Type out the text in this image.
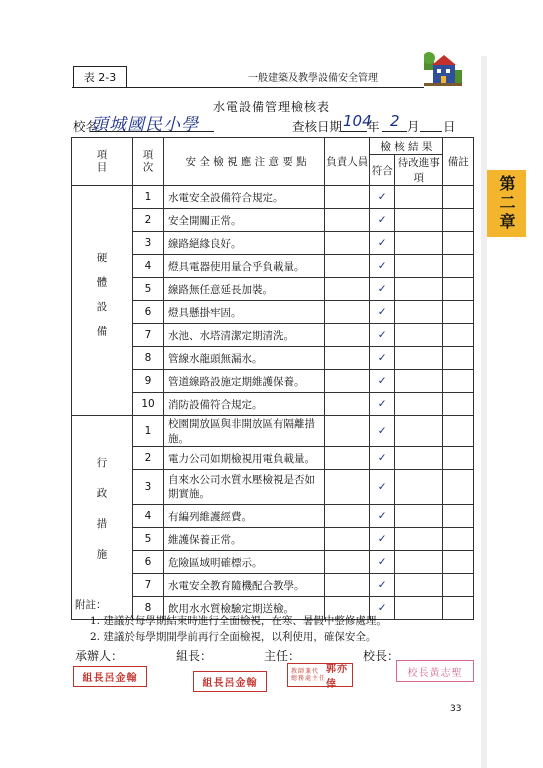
表 2-3	一般建築及教學設備安全管理
第二章
水電設備管理檢核表
校名
頭城國民小學	查核日期 104
年 2 月 日
項目	項次	安 全 檢 視 應 注 意 要 點	負責人員	檢 核 結 果		備註
				符合	待改進事項	

硬體設備	1	水電安全設備符合規定。		✓		
	2	安全開關正常。		✓		
	3	線路絕緣良好。		✓		
	4	燈具電器使用量合乎負載量。		✓		
	5	線路無任意延長加裝。		✓		
	6	燈具懸掛牢固。		✓		
	7	水池、水塔清潔定期清洗。		✓		
	8	管線水龍頭無漏水。		✓		
	9	管道線路設施定期維護保養。		✓		
	10	消防設備符合規定。		✓		

行政措施	1	校園開放區與非開放區有隔離措施。		✓		
	2	電力公司如期檢視用電負載量。		✓		
	3	自來水公司水質水壓檢視是否如期實施。		✓		
	4	有編列維護經費。		✓		
	5	維護保養正常。		✓		
	6	危險區域明確標示。		✓		
	7	水電安全教育隨機配合教學。		✓		
	8	飲用水水質檢驗定期送檢。		✓		
附註：
1. 建議於每學期結束時進行全面檢視，在寒、暑假中整修處理。
2. 建議於每學期開學前再行全面檢視，以利使用，確保安全。
承辦人：	組長：	主任：	校長：
組長呂金翰	組長呂金翰
教師兼代
總務處主任
郭亦倖
校長黃志聖
33
